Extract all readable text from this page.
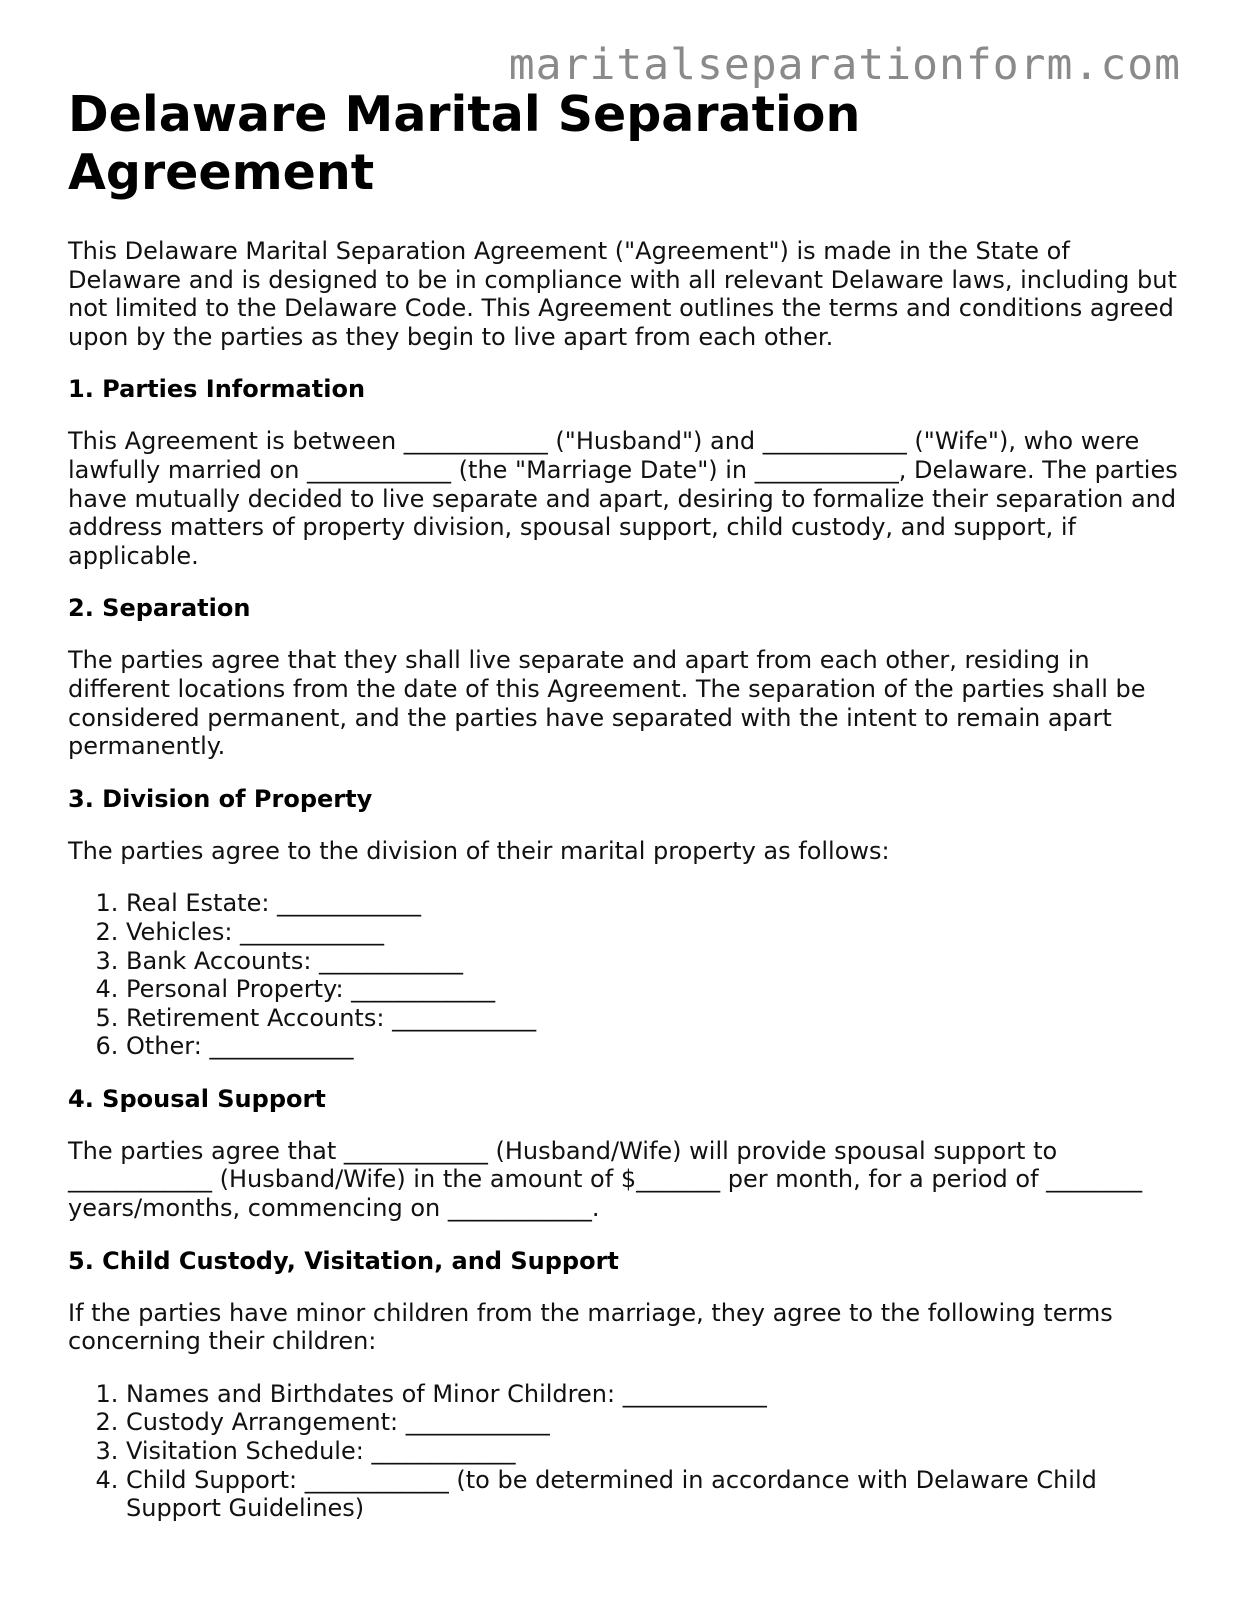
maritalseparationform.com
Delaware Marital Separation Agreement

This Delaware Marital Separation Agreement ("Agreement") is made in the State of Delaware and is designed to be in compliance with all relevant Delaware laws, including but not limited to the Delaware Code. This Agreement outlines the terms and conditions agreed upon by the parties as they begin to live apart from each other.

1. Parties Information

This Agreement is between ____________ ("Husband") and ____________ ("Wife"), who were lawfully married on ____________ (the "Marriage Date") in ____________, Delaware. The parties have mutually decided to live separate and apart, desiring to formalize their separation and address matters of property division, spousal support, child custody, and support, if applicable.

2. Separation

The parties agree that they shall live separate and apart from each other, residing in different locations from the date of this Agreement. The separation of the parties shall be considered permanent, and the parties have separated with the intent to remain apart permanently.

3. Division of Property

The parties agree to the division of their marital property as follows:

1. Real Estate: ____________
2. Vehicles: ____________
3. Bank Accounts: ____________
4. Personal Property: ____________
5. Retirement Accounts: ____________
6. Other: ____________
4. Spousal Support

The parties agree that ____________ (Husband/Wife) will provide spousal support to ____________ (Husband/Wife) in the amount of $_______ per month, for a period of ________ years/months, commencing on ____________.

5. Child Custody, Visitation, and Support

If the parties have minor children from the marriage, they agree to the following terms concerning their children:

1. Names and Birthdates of Minor Children: ____________
2. Custody Arrangement: ____________
3. Visitation Schedule: ____________
4. Child Support: ____________ (to be determined in accordance with Delaware Child Support Guidelines)
